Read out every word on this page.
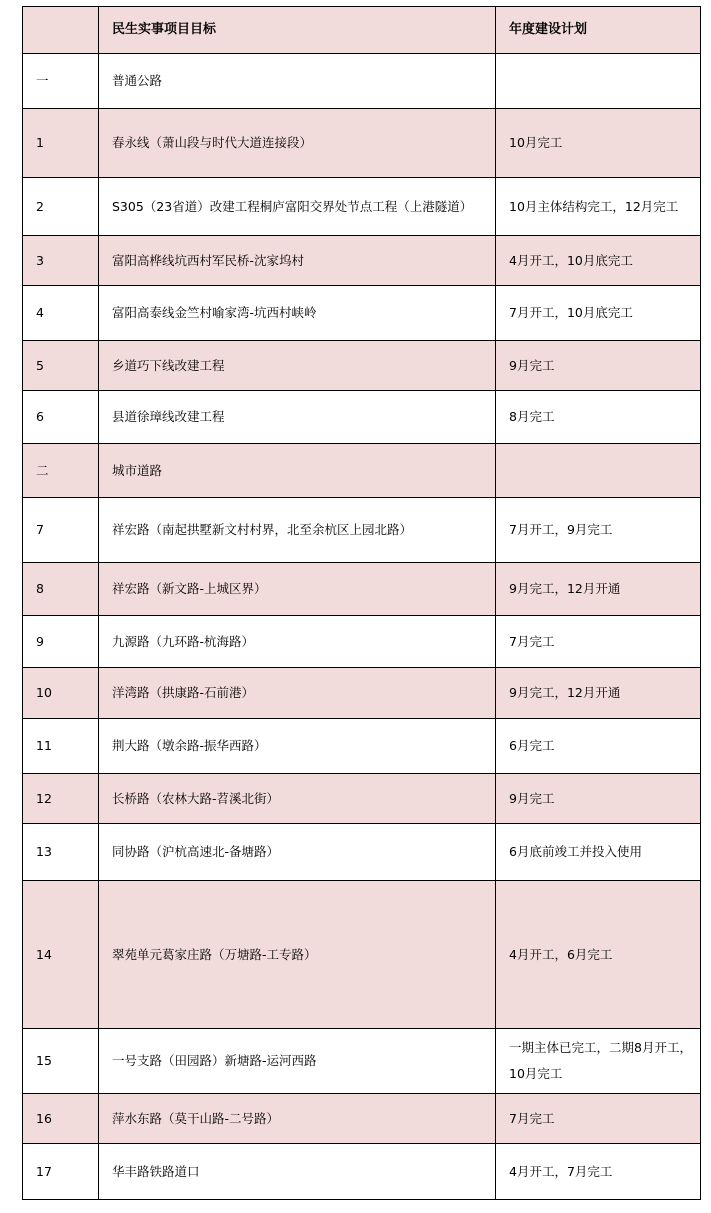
	民生实事项目目标	年度建设计划
一	普通公路	
1	春永线（萧山段与时代大道连接段）	10月完工
2	S305（23省道）改建工程桐庐富阳交界处节点工程（上港隧道）	10月主体结构完工，12月完工
3	富阳高桦线坑西村军民桥-沈家坞村	4月开工，10月底完工
4	富阳高泰线金竺村喻家湾-坑西村峡岭	7月开工，10月底完工
5	乡道巧下线改建工程	9月完工
6	县道徐璋线改建工程	8月完工
二	城市道路	
7	祥宏路（南起拱墅新文村村界，北至余杭区上园北路）	7月开工，9月完工
8	祥宏路（新文路-上城区界）	9月完工，12月开通
9	九源路（九环路-杭海路）	7月完工
10	洋湾路（拱康路-石前港）	9月完工，12月开通
11	荆大路（墩余路-振华西路）	6月完工
12	长桥路（农林大路-苕溪北街）	9月完工
13	同协路（沪杭高速北-备塘路）	6月底前竣工并投入使用
14	翠苑单元葛家庄路（万塘路-工专路）	4月开工，6月完工
15	一号支路（田园路）新塘路-运河西路	一期主体已完工，二期8月开工，10月完工
16	萍水东路（莫干山路-二号路）	7月完工
17	华丰路铁路道口	4月开工，7月完工
